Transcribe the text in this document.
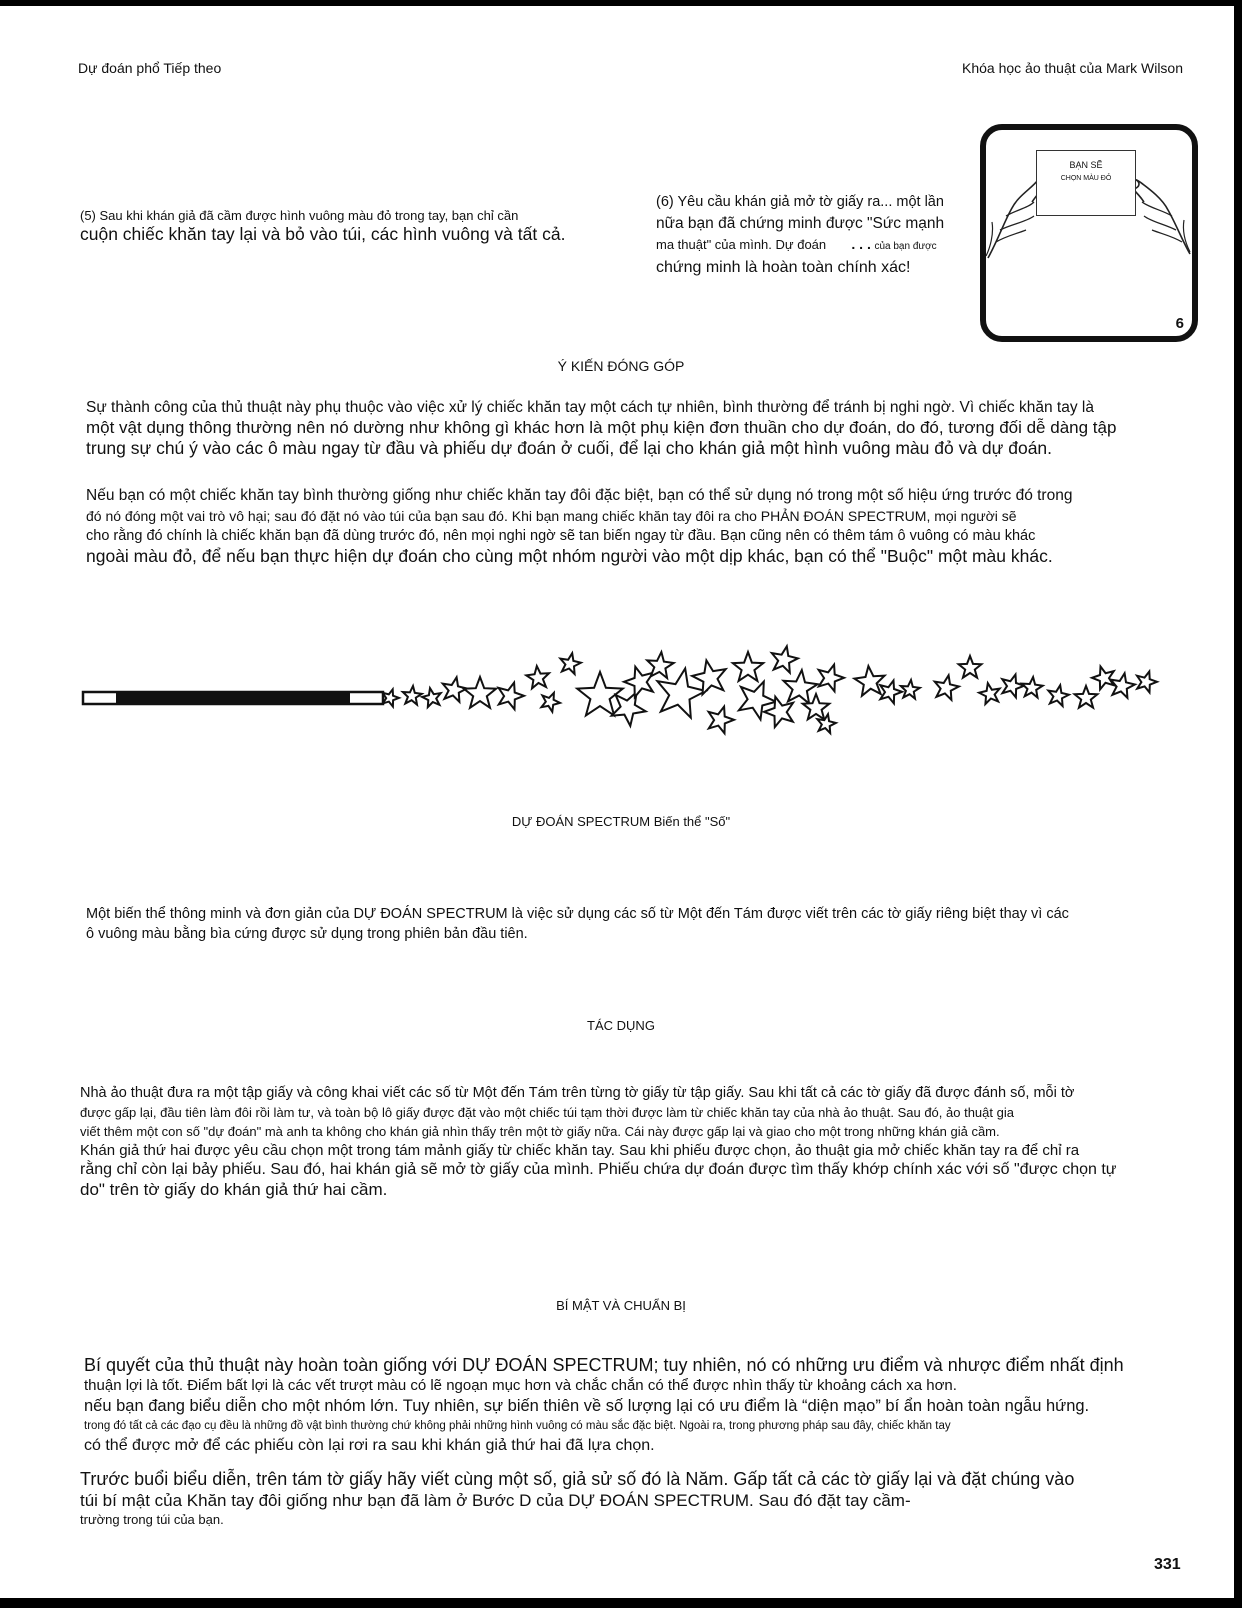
Dự đoán phổ Tiếp theo	Khóa học ảo thuật của Mark Wilson
(5) Sau khi khán giả đã cầm được hình vuông màu đỏ trong tay, bạn chỉ cần
cuộn chiếc khăn tay lại và bỏ vào túi, các hình vuông và tất cả.
(6) Yêu cầu khán giả mở tờ giấy ra... một lần
nữa bạn đã chứng minh được "Sức mạnh
ma thuật" của mình. Dự đoán . . . của bạn được
chứng minh là hoàn toàn chính xác!
BẠN SẼ
CHỌN MÀU ĐỎ
6
Ý KIẾN ĐÓNG GÓP
Sự thành công của thủ thuật này phụ thuộc vào việc xử lý chiếc khăn tay một cách tự nhiên, bình thường để tránh bị nghi ngờ. Vì chiếc khăn tay là
một vật dụng thông thường nên nó dường như không gì khác hơn là một phụ kiện đơn thuần cho dự đoán, do đó, tương đối dễ dàng tập
trung sự chú ý vào các ô màu ngay từ đầu và phiếu dự đoán ở cuối, để lại cho khán giả một hình vuông màu đỏ và dự đoán.
Nếu bạn có một chiếc khăn tay bình thường giống như chiếc khăn tay đôi đặc biệt, bạn có thể sử dụng nó trong một số hiệu ứng trước đó trong
đó nó đóng một vai trò vô hại; sau đó đặt nó vào túi của bạn sau đó. Khi bạn mang chiếc khăn tay đôi ra cho PHẢN ĐOÁN SPECTRUM, mọi người sẽ
cho rằng đó chính là chiếc khăn bạn đã dùng trước đó, nên mọi nghi ngờ sẽ tan biến ngay từ đầu. Bạn cũng nên có thêm tám ô vuông có màu khác
ngoài màu đỏ, để nếu bạn thực hiện dự đoán cho cùng một nhóm người vào một dịp khác, bạn có thể "Buộc" một màu khác.
DỰ ĐOÁN SPECTRUM Biến thể "Số"
Một biến thể thông minh và đơn giản của DỰ ĐOÁN SPECTRUM là việc sử dụng các số từ Một đến Tám được viết trên các tờ giấy riêng biệt thay vì các
ô vuông màu bằng bìa cứng được sử dụng trong phiên bản đầu tiên.
TÁC DỤNG
Nhà ảo thuật đưa ra một tập giấy và công khai viết các số từ Một đến Tám trên từng tờ giấy từ tập giấy. Sau khi tất cả các tờ giấy đã được đánh số, mỗi tờ
được gấp lại, đầu tiên làm đôi rồi làm tư, và toàn bộ lô giấy được đặt vào một chiếc túi tạm thời được làm từ chiếc khăn tay của nhà ảo thuật. Sau đó, ảo thuật gia
viết thêm một con số "dự đoán" mà anh ta không cho khán giả nhìn thấy trên một tờ giấy nữa. Cái này được gấp lại và giao cho một trong những khán giả cầm.
Khán giả thứ hai được yêu cầu chọn một trong tám mảnh giấy từ chiếc khăn tay. Sau khi phiếu được chọn, ảo thuật gia mở chiếc khăn tay ra để chỉ ra
rằng chỉ còn lại bảy phiếu. Sau đó, hai khán giả sẽ mở tờ giấy của mình. Phiếu chứa dự đoán được tìm thấy khớp chính xác với số "được chọn tự
do" trên tờ giấy do khán giả thứ hai cầm.
BÍ MẬT VÀ CHUẨN BỊ
Bí quyết của thủ thuật này hoàn toàn giống với DỰ ĐOÁN SPECTRUM; tuy nhiên, nó có những ưu điểm và nhược điểm nhất định
thuận lợi là tốt. Điểm bất lợi là các vết trượt màu có lẽ ngoạn mục hơn và chắc chắn có thể được nhìn thấy từ khoảng cách xa hơn.
nếu bạn đang biểu diễn cho một nhóm lớn. Tuy nhiên, sự biến thiên về số lượng lại có ưu điểm là “diện mạo” bí ẩn hoàn toàn ngẫu hứng.
trong đó tất cả các đạo cụ đều là những đồ vật bình thường chứ không phải những hình vuông có màu sắc đặc biệt. Ngoài ra, trong phương pháp sau đây, chiếc khăn tay
có thể được mở để các phiếu còn lại rơi ra sau khi khán giả thứ hai đã lựa chọn.
Trước buổi biểu diễn, trên tám tờ giấy hãy viết cùng một số, giả sử số đó là Năm. Gấp tất cả các tờ giấy lại và đặt chúng vào
túi bí mật của Khăn tay đôi giống như bạn đã làm ở Bước D của DỰ ĐOÁN SPECTRUM. Sau đó đặt tay cầm-
trường trong túi của bạn.
331
